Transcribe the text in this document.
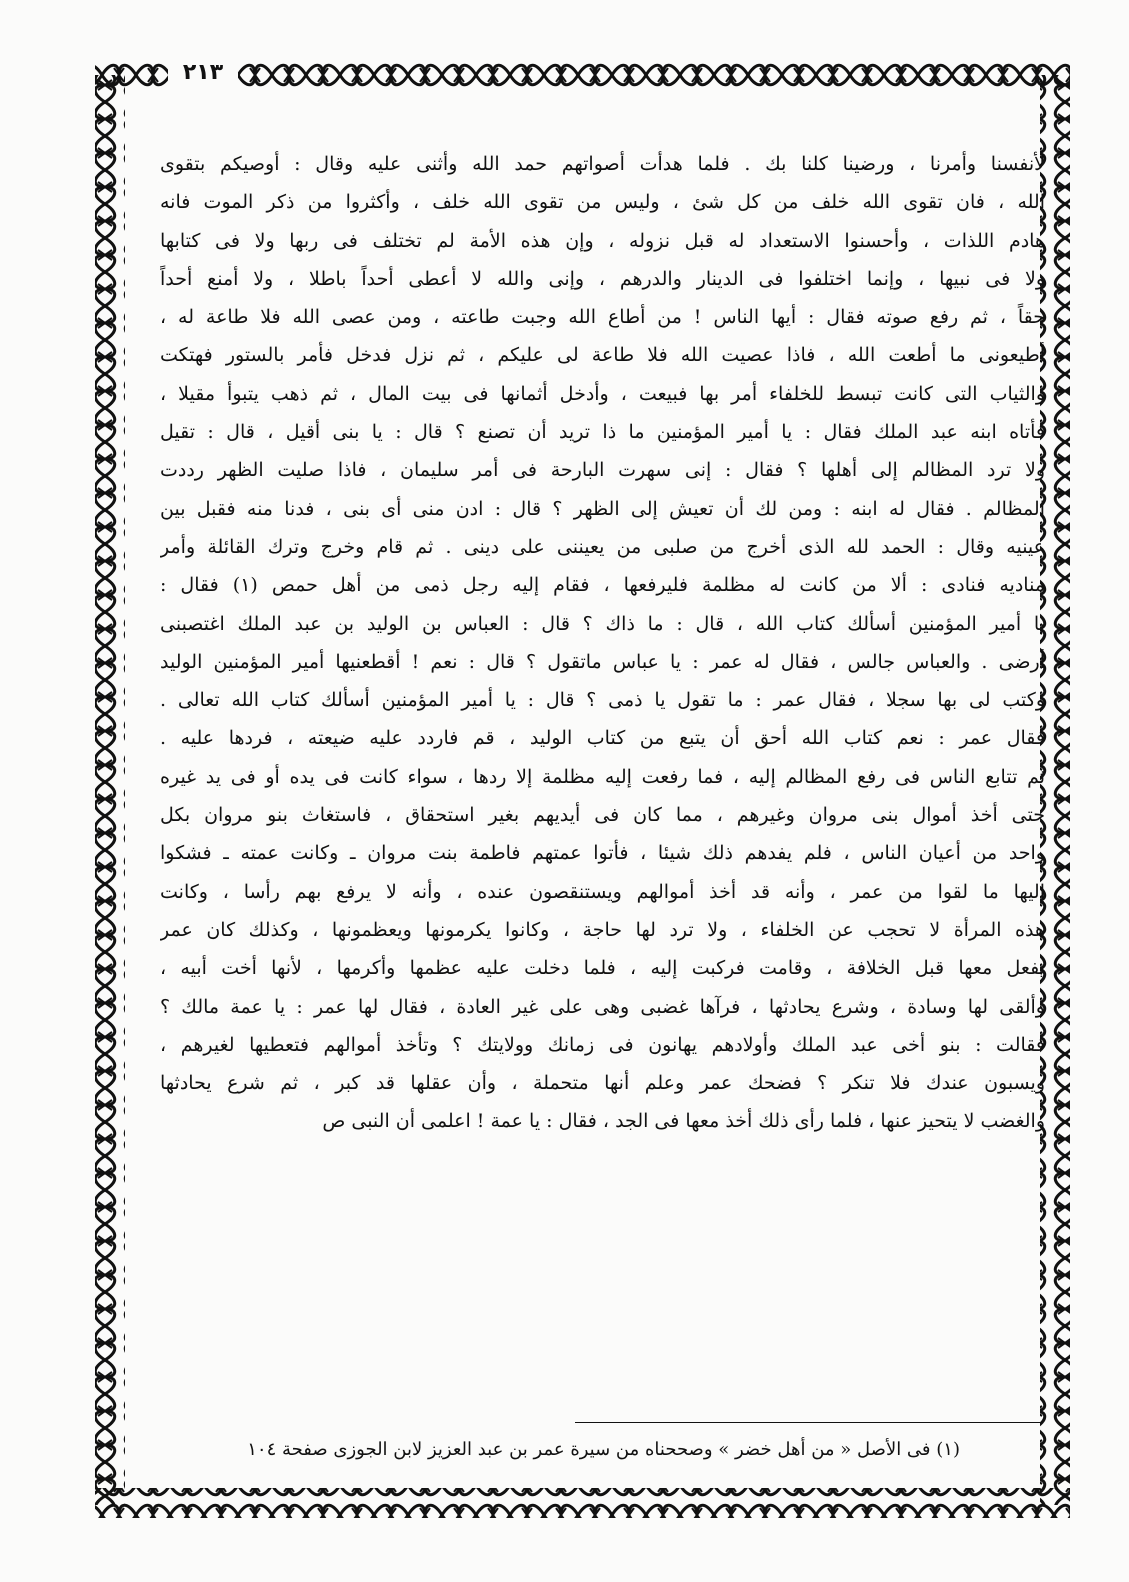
٢١٣
لأنفسنا وأمرنا ، ورضينا كلنا بك . فلما هدأت أصواتهم حمد الله وأثنى عليه وقال : أوصيكم بتقوى
الله ، فان تقوى الله خلف من كل شئ ، وليس من تقوى الله خلف ، وأكثروا من ذكر الموت فانه
هادم اللذات ، وأحسنوا الاستعداد له قبل نزوله ، وإن هذه الأمة لم تختلف فى ربها ولا فى كتابها
ولا فى نبيها ، وإنما اختلفوا فى الدينار والدرهم ، وإنى والله لا أعطى أحداً باطلا ، ولا أمنع أحداً
حقاً ، ثم رفع صوته فقال : أيها الناس ! من أطاع الله وجبت طاعته ، ومن عصى الله فلا طاعة له ،
أطيعونى ما أطعت الله ، فاذا عصيت الله فلا طاعة لى عليكم ، ثم نزل فدخل فأمر بالستور فهتكت
والثياب التى كانت تبسط للخلفاء أمر بها فبيعت ، وأدخل أثمانها فى بيت المال ، ثم ذهب يتبوأ مقيلا ،
فأتاه ابنه عبد الملك فقال : يا أمير المؤمنين ما ذا تريد أن تصنع ؟ قال : يا بنى أقيل ، قال : تقيل
ولا ترد المظالم إلى أهلها ؟ فقال : إنى سهرت البارحة فى أمر سليمان ، فاذا صليت الظهر رددت
المظالم . فقال له ابنه : ومن لك أن تعيش إلى الظهر ؟ قال : ادن منى أى بنى ، فدنا منه فقبل بين
عينيه وقال : الحمد لله الذى أخرج من صلبى من يعيننى على دينى . ثم قام وخرج وترك القائلة وأمر
مناديه فنادى : ألا من كانت له مظلمة فليرفعها ، فقام إليه رجل ذمى من أهل حمص (١) فقال :
يا أمير المؤمنين أسألك كتاب الله ، قال : ما ذاك ؟ قال : العباس بن الوليد بن عبد الملك اغتصبنى
أرضى . والعباس جالس ، فقال له عمر : يا عباس ماتقول ؟ قال : نعم ! أقطعنيها أمير المؤمنين الوليد
وكتب لى بها سجلا ، فقال عمر : ما تقول يا ذمى ؟ قال : يا أمير المؤمنين أسألك كتاب الله تعالى .
فقال عمر : نعم كتاب الله أحق أن يتبع من كتاب الوليد ، قم فاردد عليه ضيعته ، فردها عليه .
ثم تتابع الناس فى رفع المظالم إليه ، فما رفعت إليه مظلمة إلا ردها ، سواء كانت فى يده أو فى يد غيره
حتى أخذ أموال بنى مروان وغيرهم ، مما كان فى أيديهم بغير استحقاق ، فاستغاث بنو مروان بكل
واحد من أعيان الناس ، فلم يفدهم ذلك شيئا ، فأتوا عمتهم فاطمة بنت مروان ـ وكانت عمته ـ فشكوا
إليها ما لقوا من عمر ، وأنه قد أخذ أموالهم ويستنقصون عنده ، وأنه لا يرفع بهم رأسا ، وكانت
هذه المرأة لا تحجب عن الخلفاء ، ولا ترد لها حاجة ، وكانوا يكرمونها ويعظمونها ، وكذلك كان عمر
يفعل معها قبل الخلافة ، وقامت فركبت إليه ، فلما دخلت عليه عظمها وأكرمها ، لأنها أخت أبيه ،
وألقى لها وسادة ، وشرع يحادثها ، فرآها غضبى وهى على غير العادة ، فقال لها عمر : يا عمة مالك ؟
فقالت : بنو أخى عبد الملك وأولادهم يهانون فى زمانك وولايتك ؟ وتأخذ أموالهم فتعطيها لغيرهم ،
ويسبون عندك فلا تنكر ؟ فضحك عمر وعلم أنها متحملة ، وأن عقلها قد كبر ، ثم شرع يحادثها
والغضب لا يتحيز عنها ، فلما رأى ذلك أخذ معها فى الجد ، فقال : يا عمة ! اعلمى أن النبى ص
(١) فى الأصل « من أهل خضر » وصححناه من سيرة عمر بن عبد العزيز لابن الجوزى صفحة ١٠٤
